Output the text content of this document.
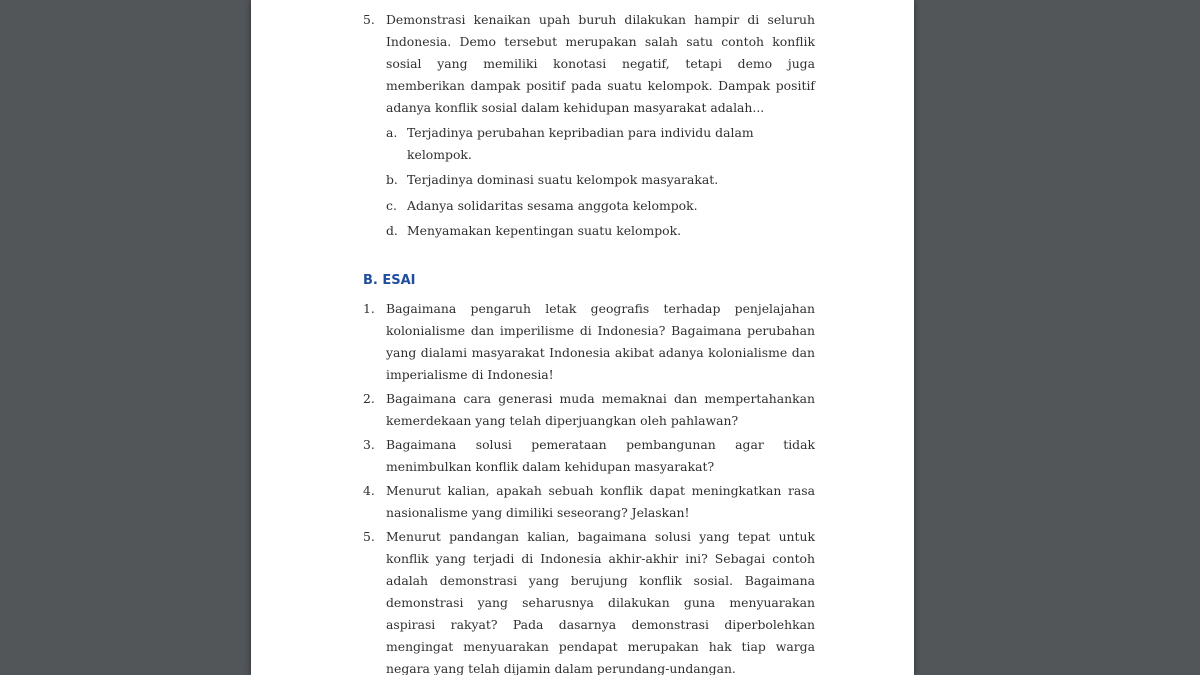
5. Demonstrasi kenaikan upah buruh dilakukan hampir di seluruh Indonesia. Demo tersebut merupakan salah satu contoh konflik sosial yang memiliki konotasi negatif, tetapi demo juga memberikan dampak positif pada suatu kelompok. Dampak positif adanya konflik sosial dalam kehidupan masyarakat adalah...
a. Terjadinya perubahan kepribadian para individu dalam kelompok.
b. Terjadinya dominasi suatu kelompok masyarakat.
c. Adanya solidaritas sesama anggota kelompok.
d. Menyamakan kepentingan suatu kelompok.
B. ESAI
1. Bagaimana pengaruh letak geografis terhadap penjelajahan kolonialisme dan imperilisme di Indonesia? Bagaimana perubahan yang dialami masyarakat Indonesia akibat adanya kolonialisme dan imperialisme di Indonesia!
2. Bagaimana cara generasi muda memaknai dan mempertahankan kemerdekaan yang telah diperjuangkan oleh pahlawan?
3. Bagaimana solusi pemerataan pembangunan agar tidak menimbulkan konflik dalam kehidupan masyarakat?
4. Menurut kalian, apakah sebuah konflik dapat meningkatkan rasa nasionalisme yang dimiliki seseorang? Jelaskan!
5. Menurut pandangan kalian, bagaimana solusi yang tepat untuk konflik yang terjadi di Indonesia akhir-akhir ini? Sebagai contoh adalah demonstrasi yang berujung konflik sosial. Bagaimana demonstrasi yang seharusnya dilakukan guna menyuarakan aspirasi rakyat? Pada dasarnya demonstrasi diperbolehkan mengingat menyuarakan pendapat merupakan hak tiap warga negara yang telah dijamin dalam perundang-undangan.
